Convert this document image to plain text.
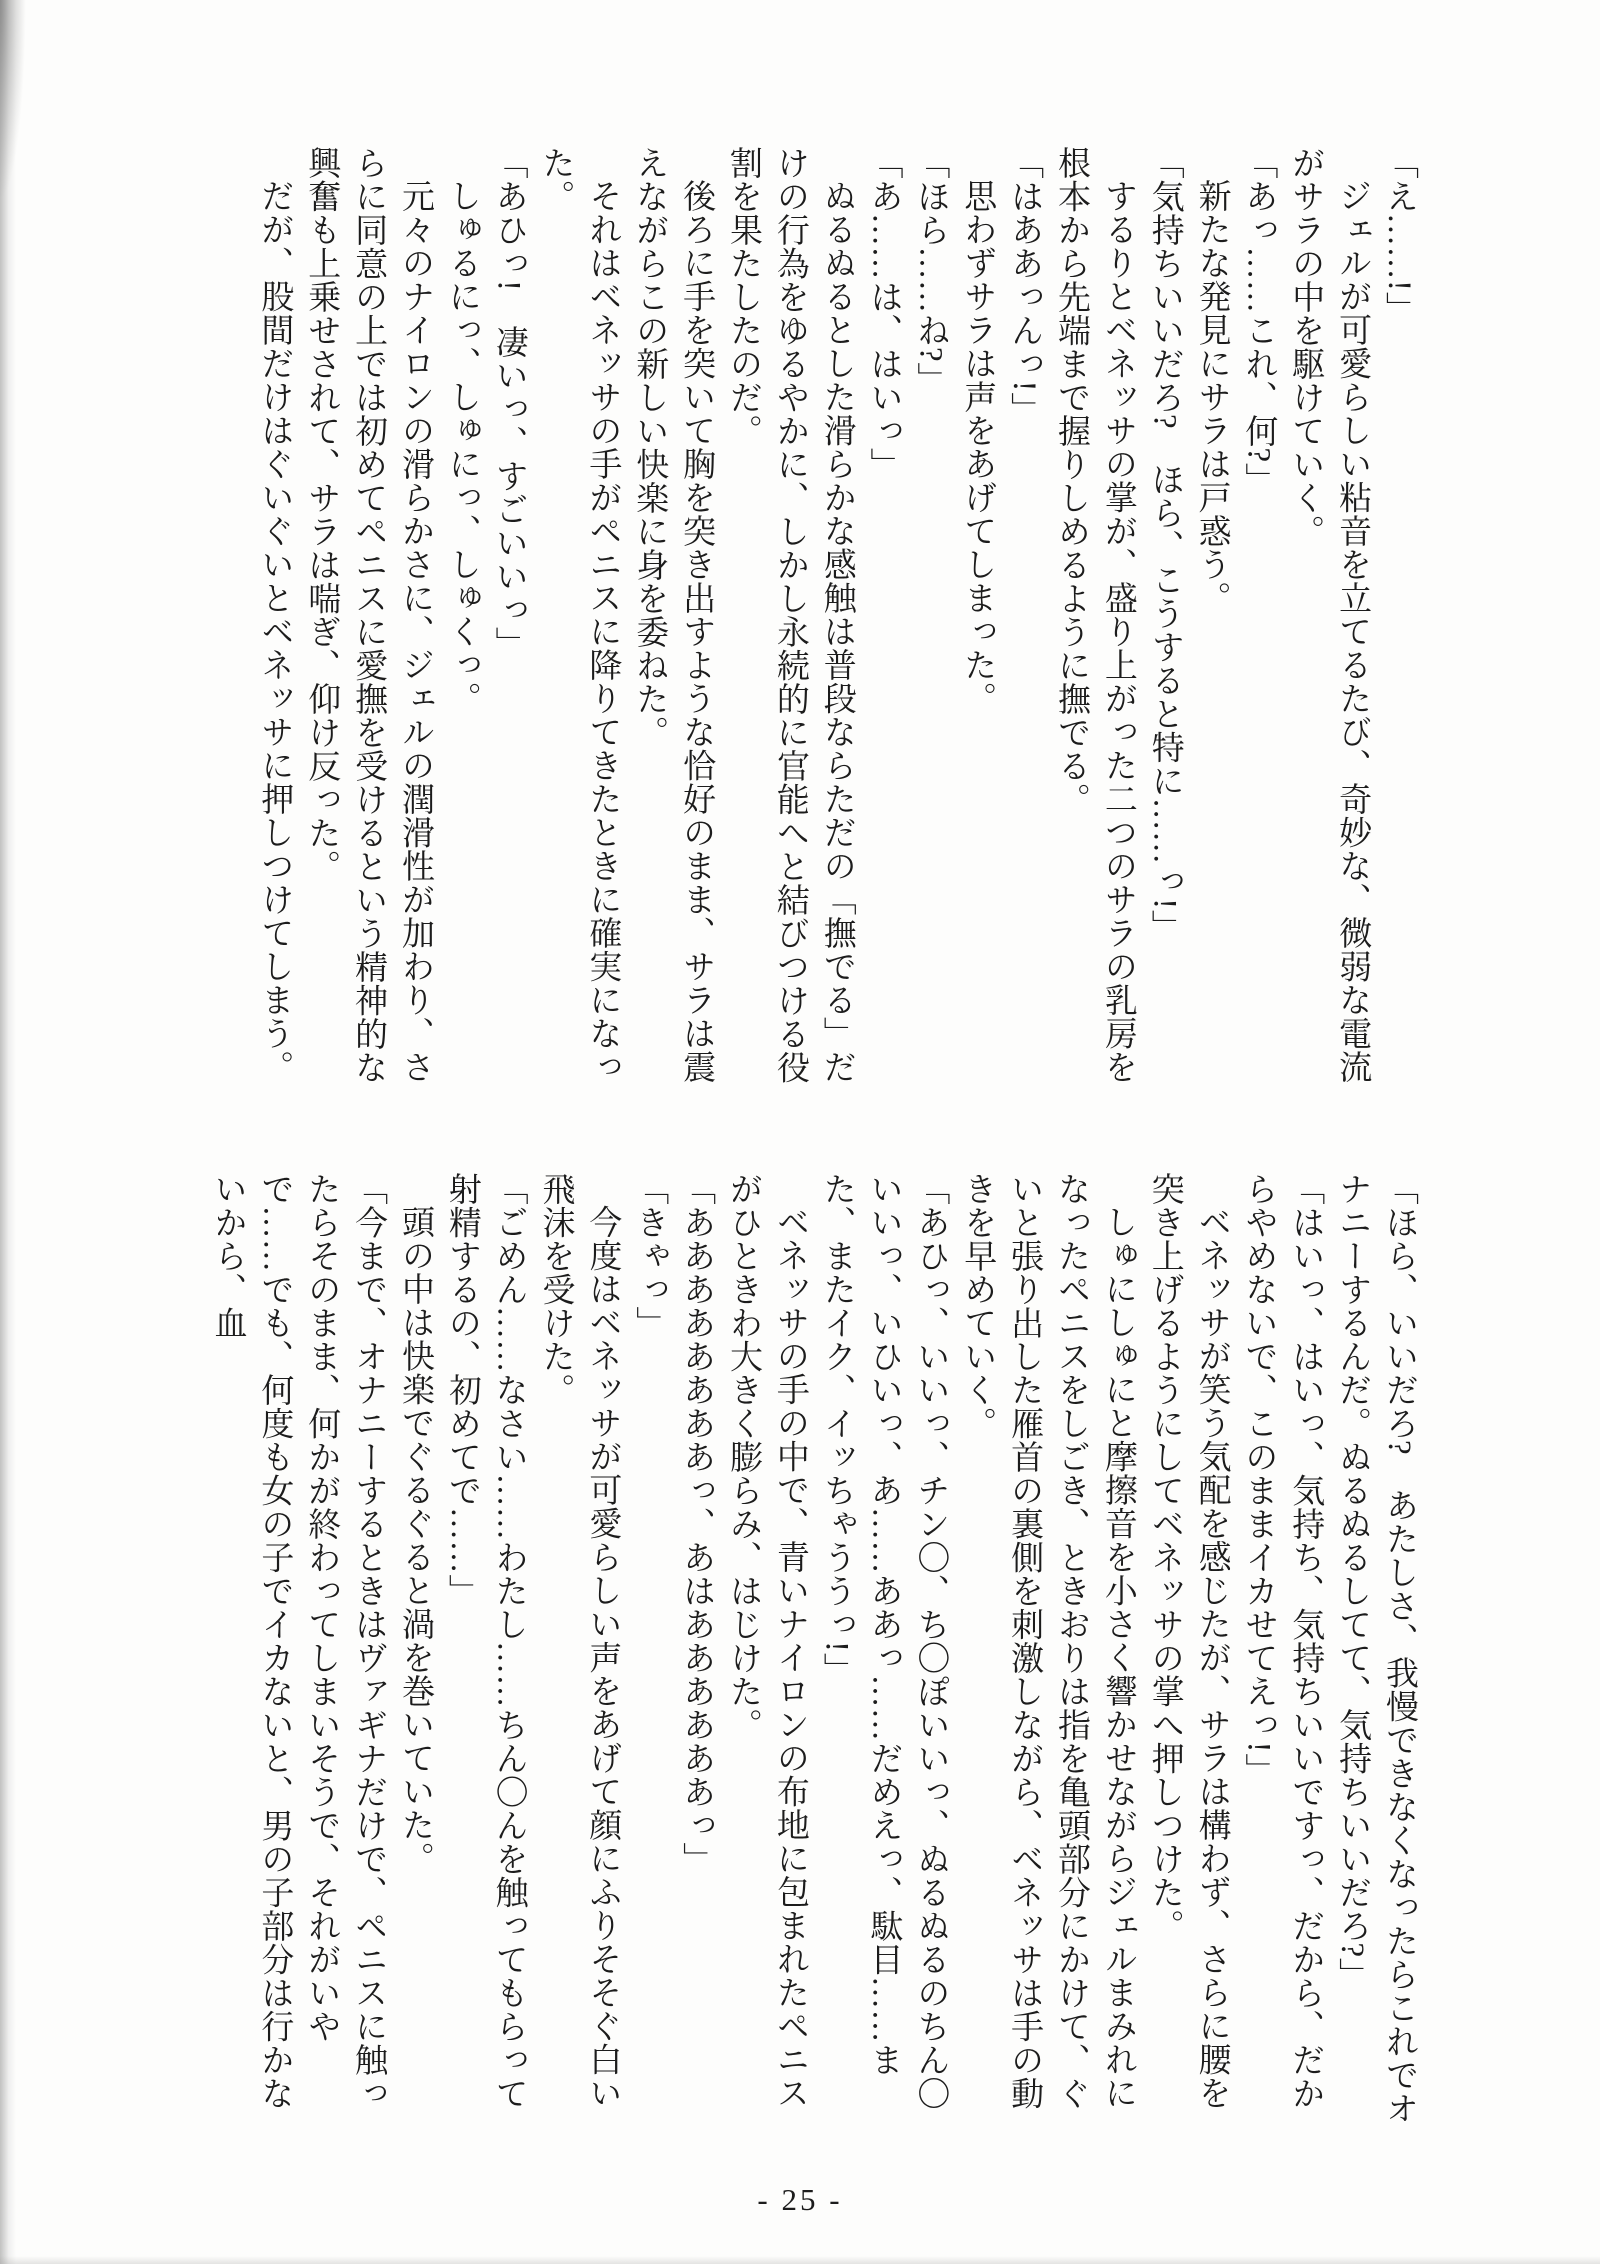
「え……!」

ジェルが可愛らしい粘音を立てるたび、奇妙な、微弱な電流がサラの中を駆けていく。

「あっ……これ、何?」

新たな発見にサラは戸惑う。

「気持ちいいだろ?　ほら、こうすると特に……っ!」

するりとベネッサの掌が、盛り上がった二つのサラの乳房を根本から先端まで握りしめるように撫でる。

「はああっんっ!」

思わずサラは声をあげてしまった。

「ほら……ね?」

「あ……は、はいっ」

ぬるぬるとした滑らかな感触は普段ならただの「撫でる」だけの行為をゆるやかに、しかし永続的に官能へと結びつける役割を果たしたのだ。

後ろに手を突いて胸を突き出すような恰好のまま、サラは震えながらこの新しい快楽に身を委ねた。

それはベネッサの手がペニスに降りてきたときに確実になった。

「あひっ!　凄いっ、すごいいっ」

しゅるにっ、しゅにっ、しゅくっ。

元々のナイロンの滑らかさに、ジェルの潤滑性が加わり、さらに同意の上では初めてペニスに愛撫を受けるという精神的な興奮も上乗せされて、サラは喘ぎ、仰け反った。

だが、股間だけはぐいぐいとベネッサに押しつけてしまう。

「ほら、いいだろ?　あたしさ、我慢できなくなったらこれでオナニーするんだ。ぬるぬるしてて、気持ちいいだろ?」

「はいっ、はいっ、気持ち、気持ちいいですっ、だから、だからやめないで、このままイカせてえっ!」

ベネッサが笑う気配を感じたが、サラは構わず、さらに腰を突き上げるようにしてベネッサの掌へ押しつけた。

しゅにしゅにと摩擦音を小さく響かせながらジェルまみれになったペニスをしごき、ときおりは指を亀頭部分にかけて、ぐいと張り出した雁首の裏側を刺激しながら、ベネッサは手の動きを早めていく。

「あひっ、いいっ、チン〇、ち〇ぽいいっ、ぬるぬるのちん〇いいっ、いひいっ、あ……ああっ……だめえっ、駄目……また、またイク、イッちゃううっ!」

ベネッサの手の中で、青いナイロンの布地に包まれたペニスがひときわ大きく膨らみ、はじけた。

「ああああああああっ、あはああああああっ」

「きゃっ」

今度はベネッサが可愛らしい声をあげて顔にふりそそぐ白い飛沫を受けた。

「ごめん……なさい……わたし……ちん〇んを触ってもらって射精するの、初めてで……」

頭の中は快楽でぐるぐると渦を巻いていた。

「今まで、オナニーするときはヴァギナだけで、ペニスに触ったらそのまま、何かが終わってしまいそうで、それがいやで……でも、何度も女の子でイカないと、男の子部分は行かないから、血

- 25 -
